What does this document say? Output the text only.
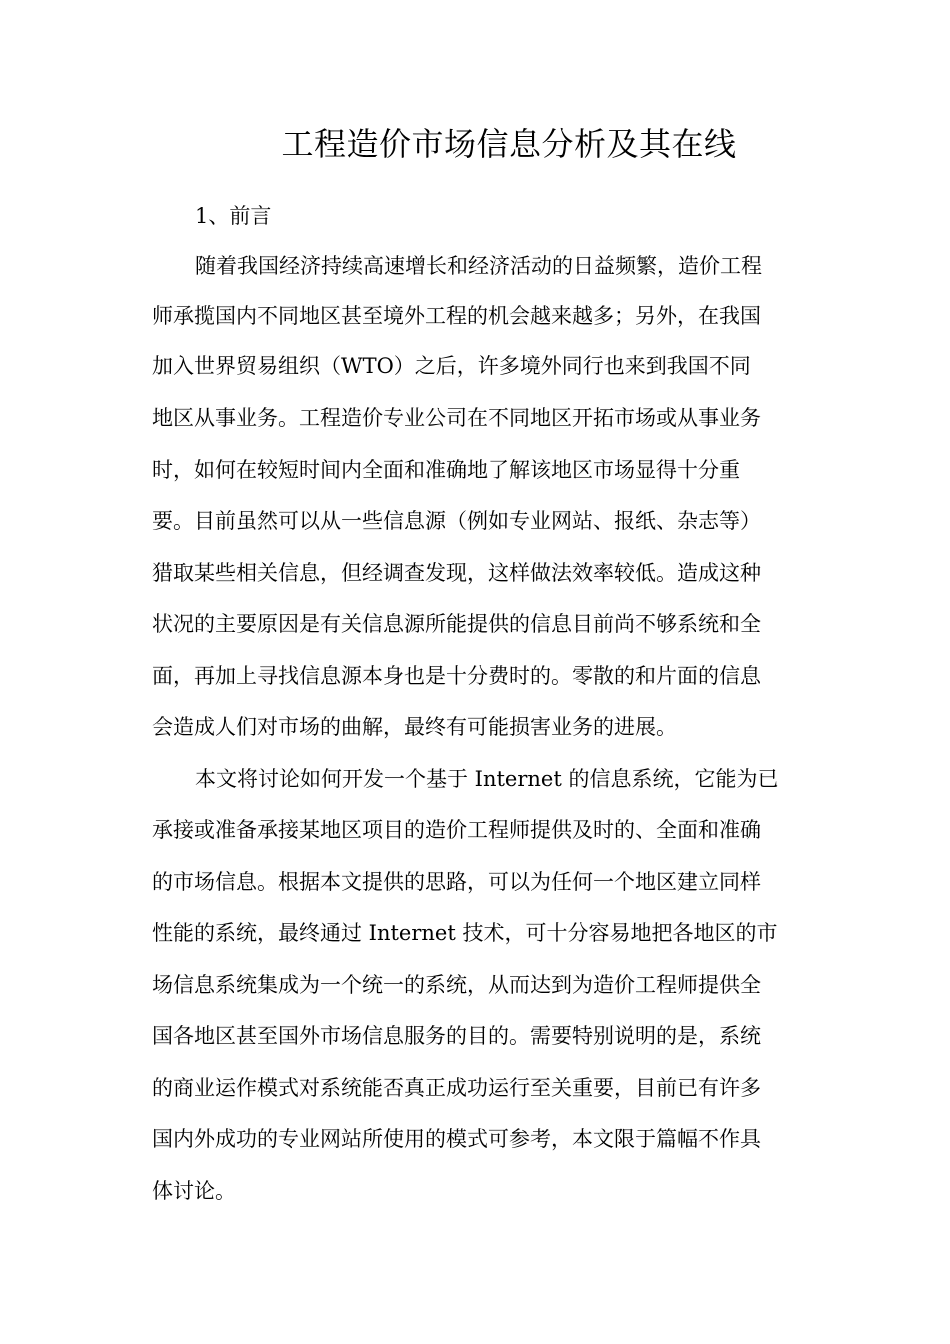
工程造价市场信息分析及其在线
1、前言
随着我国经济持续高速增长和经济活动的日益频繁，造价工程
师承揽国内不同地区甚至境外工程的机会越来越多；另外，在我国
加入世界贸易组织（WTO）之后，许多境外同行也来到我国不同
地区从事业务。工程造价专业公司在不同地区开拓市场或从事业务
时，如何在较短时间内全面和准确地了解该地区市场显得十分重
要。目前虽然可以从一些信息源（例如专业网站、报纸、杂志等）
猎取某些相关信息，但经调查发现，这样做法效率较低。造成这种
状况的主要原因是有关信息源所能提供的信息目前尚不够系统和全
面，再加上寻找信息源本身也是十分费时的。零散的和片面的信息
会造成人们对市场的曲解，最终有可能损害业务的进展。
本文将讨论如何开发一个基于 Internet 的信息系统，它能为已
承接或准备承接某地区项目的造价工程师提供及时的、全面和准确
的市场信息。根据本文提供的思路，可以为任何一个地区建立同样
性能的系统，最终通过 Internet 技术，可十分容易地把各地区的市
场信息系统集成为一个统一的系统，从而达到为造价工程师提供全
国各地区甚至国外市场信息服务的目的。需要特别说明的是，系统
的商业运作模式对系统能否真正成功运行至关重要，目前已有许多
国内外成功的专业网站所使用的模式可参考，本文限于篇幅不作具
体讨论。
